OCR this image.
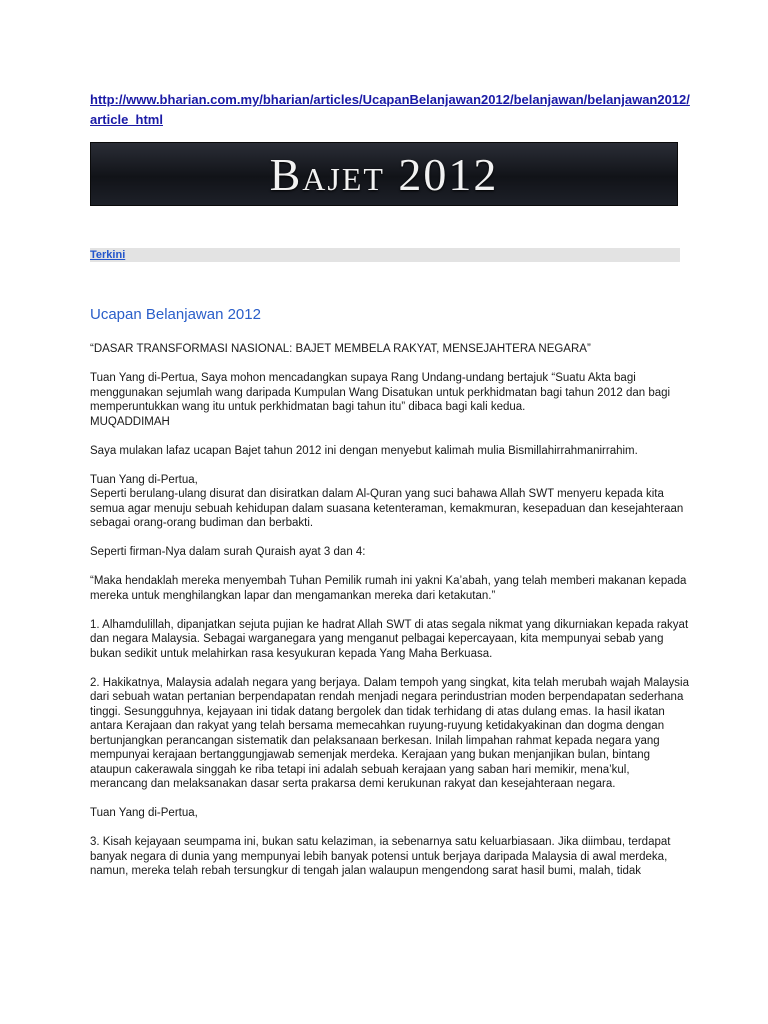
http://www.bharian.com.my/bharian/articles/UcapanBelanjawan2012/belanjawan/belanjawan2012/article_html
Bajet 2012
Terkini
Ucapan Belanjawan 2012

“DASAR TRANSFORMASI NASIONAL: BAJET MEMBELA RAKYAT, MENSEJAHTERA NEGARA”

Tuan Yang di-Pertua, Saya mohon mencadangkan supaya Rang Undang-undang bertajuk “Suatu Akta bagi menggunakan sejumlah wang daripada Kumpulan Wang Disatukan untuk perkhidmatan bagi tahun 2012 dan bagi memperuntukkan wang itu untuk perkhidmatan bagi tahun itu” dibaca bagi kali kedua.

MUQADDIMAH

Saya mulakan lafaz ucapan Bajet tahun 2012 ini dengan menyebut kalimah mulia Bismillahirrahmanirrahim.

Tuan Yang di-Pertua,

Seperti berulang-ulang disurat dan disiratkan dalam Al-Quran yang suci bahawa Allah SWT menyeru kepada kita semua agar menuju sebuah kehidupan dalam suasana ketenteraman, kemakmuran, kesepaduan dan kesejahteraan sebagai orang-orang budiman dan berbakti.

Seperti firman-Nya dalam surah Quraish ayat 3 dan 4:

“Maka hendaklah mereka menyembah Tuhan Pemilik rumah ini yakni Ka’abah, yang telah memberi makanan kepada mereka untuk menghilangkan lapar dan mengamankan mereka dari ketakutan.”

1. Alhamdulillah, dipanjatkan sejuta pujian ke hadrat Allah SWT di atas segala nikmat yang dikurniakan kepada rakyat dan negara Malaysia. Sebagai warganegara yang menganut pelbagai kepercayaan, kita mempunyai sebab yang bukan sedikit untuk melahirkan rasa kesyukuran kepada Yang Maha Berkuasa.

2. Hakikatnya, Malaysia adalah negara yang berjaya. Dalam tempoh yang singkat, kita telah merubah wajah Malaysia dari sebuah watan pertanian berpendapatan rendah menjadi negara perindustrian moden berpendapatan sederhana tinggi. Sesungguhnya, kejayaan ini tidak datang bergolek dan tidak terhidang di atas dulang emas. Ia hasil ikatan antara Kerajaan dan rakyat yang telah bersama memecahkan ruyung-ruyung ketidakyakinan dan dogma dengan bertunjangkan perancangan sistematik dan pelaksanaan berkesan. Inilah limpahan rahmat kepada negara yang mempunyai kerajaan bertanggungjawab semenjak merdeka. Kerajaan yang bukan menjanjikan bulan, bintang ataupun cakerawala singgah ke riba tetapi ini adalah sebuah kerajaan yang saban hari memikir, mena’kul, merancang dan melaksanakan dasar serta prakarsa demi kerukunan rakyat dan kesejahteraan negara.

Tuan Yang di-Pertua,

3. Kisah kejayaan seumpama ini, bukan satu kelaziman, ia sebenarnya satu keluarbiasaan. Jika diimbau, terdapat banyak negara di dunia yang mempunyai lebih banyak potensi untuk berjaya daripada Malaysia di awal merdeka, namun, mereka telah rebah tersungkur di tengah jalan walaupun mengendong sarat hasil bumi, malah, tidak
